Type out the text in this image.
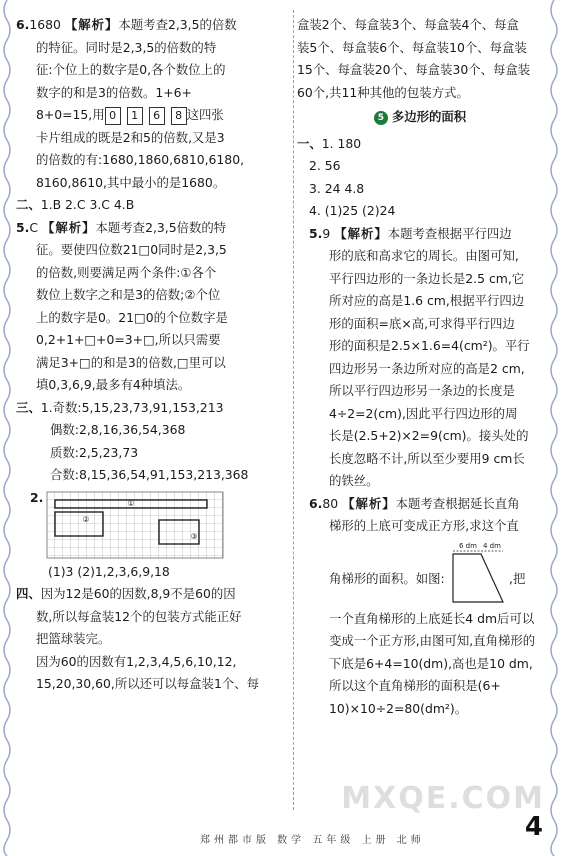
6.1680 【解析】本题考查2,3,5的倍数

的特征。同时是2,3,5的倍数的特

征:个位上的数字是0,各个数位上的

数字的和是3的倍数。1+6+

8+0=15,用 0	1	6	8 这四张

卡片组成的既是2和5的倍数,又是3

的倍数的有:1680,1860,6810,6180,

8160,8610,其中最小的是1680。

二、1.B 2.C 3.C 4.B

5.C 【解析】本题考查2,3,5倍数的特

征。要使四位数21□0同时是2,3,5

的倍数,则要满足两个条件:①各个

数位上数字之和是3的倍数;②个位

上的数字是0。21□0的个位数字是

0,2+1+□+0=3+□,所以只需要

满足3+□的和是3的倍数,□里可以

填0,3,6,9,最多有4种填法。

三、1.奇数:5,15,23,73,91,153,213

偶数:2,8,16,36,54,368

质数:2,5,23,73

合数:8,15,36,54,91,153,213,368

2.	①
②
③

(1)3 (2)1,2,3,6,9,18

四、因为12是60的因数,8,9不是60的因

数,所以每盒装12个的包装方式能正好

把篮球装完。

因为60的因数有1,2,3,4,5,6,10,12,

15,20,30,60,所以还可以每盒装1个、每

盒装2个、每盒装3个、每盒装4个、每盒

装5个、每盒装6个、每盒装10个、每盒装

15个、每盒装20个、每盒装30个、每盒装

60个,共11种其他的包装方式。

5 多边形的面积

一、1. 180

2. 56

3. 24 4.8

4. (1)25 (2)24

5.9 【解析】本题考查根据平行四边

形的底和高求它的周长。由图可知,

平行四边形的一条边长是2.5 cm,它

所对应的高是1.6 cm,根据平行四边

形的面积=底×高,可求得平行四边

形的面积是2.5×1.6=4(cm²)。平行

四边形另一条边所对应的高是2 cm,

所以平行四边形另一条边的长度是

4÷2=2(cm),因此平行四边形的周

长是(2.5+2)×2=9(cm)。接头处的

长度忽略不计,所以至少要用9 cm长

的铁丝。

6.80 【解析】本题考查根据延长直角

梯形的上底可变成正方形,求这个直

角梯形的面积。如图:
6 dm 4 dm
,把

一个直角梯形的上底延长4 dm后可以

变成一个正方形,由图可知,直角梯形的

下底是6+4=10(dm),高也是10 dm,

所以这个直角梯形的面积是(6+

10)×10÷2=80(dm²)。

MXQE.COM
郑州都市版 数学 五年级 上册 北师	4
